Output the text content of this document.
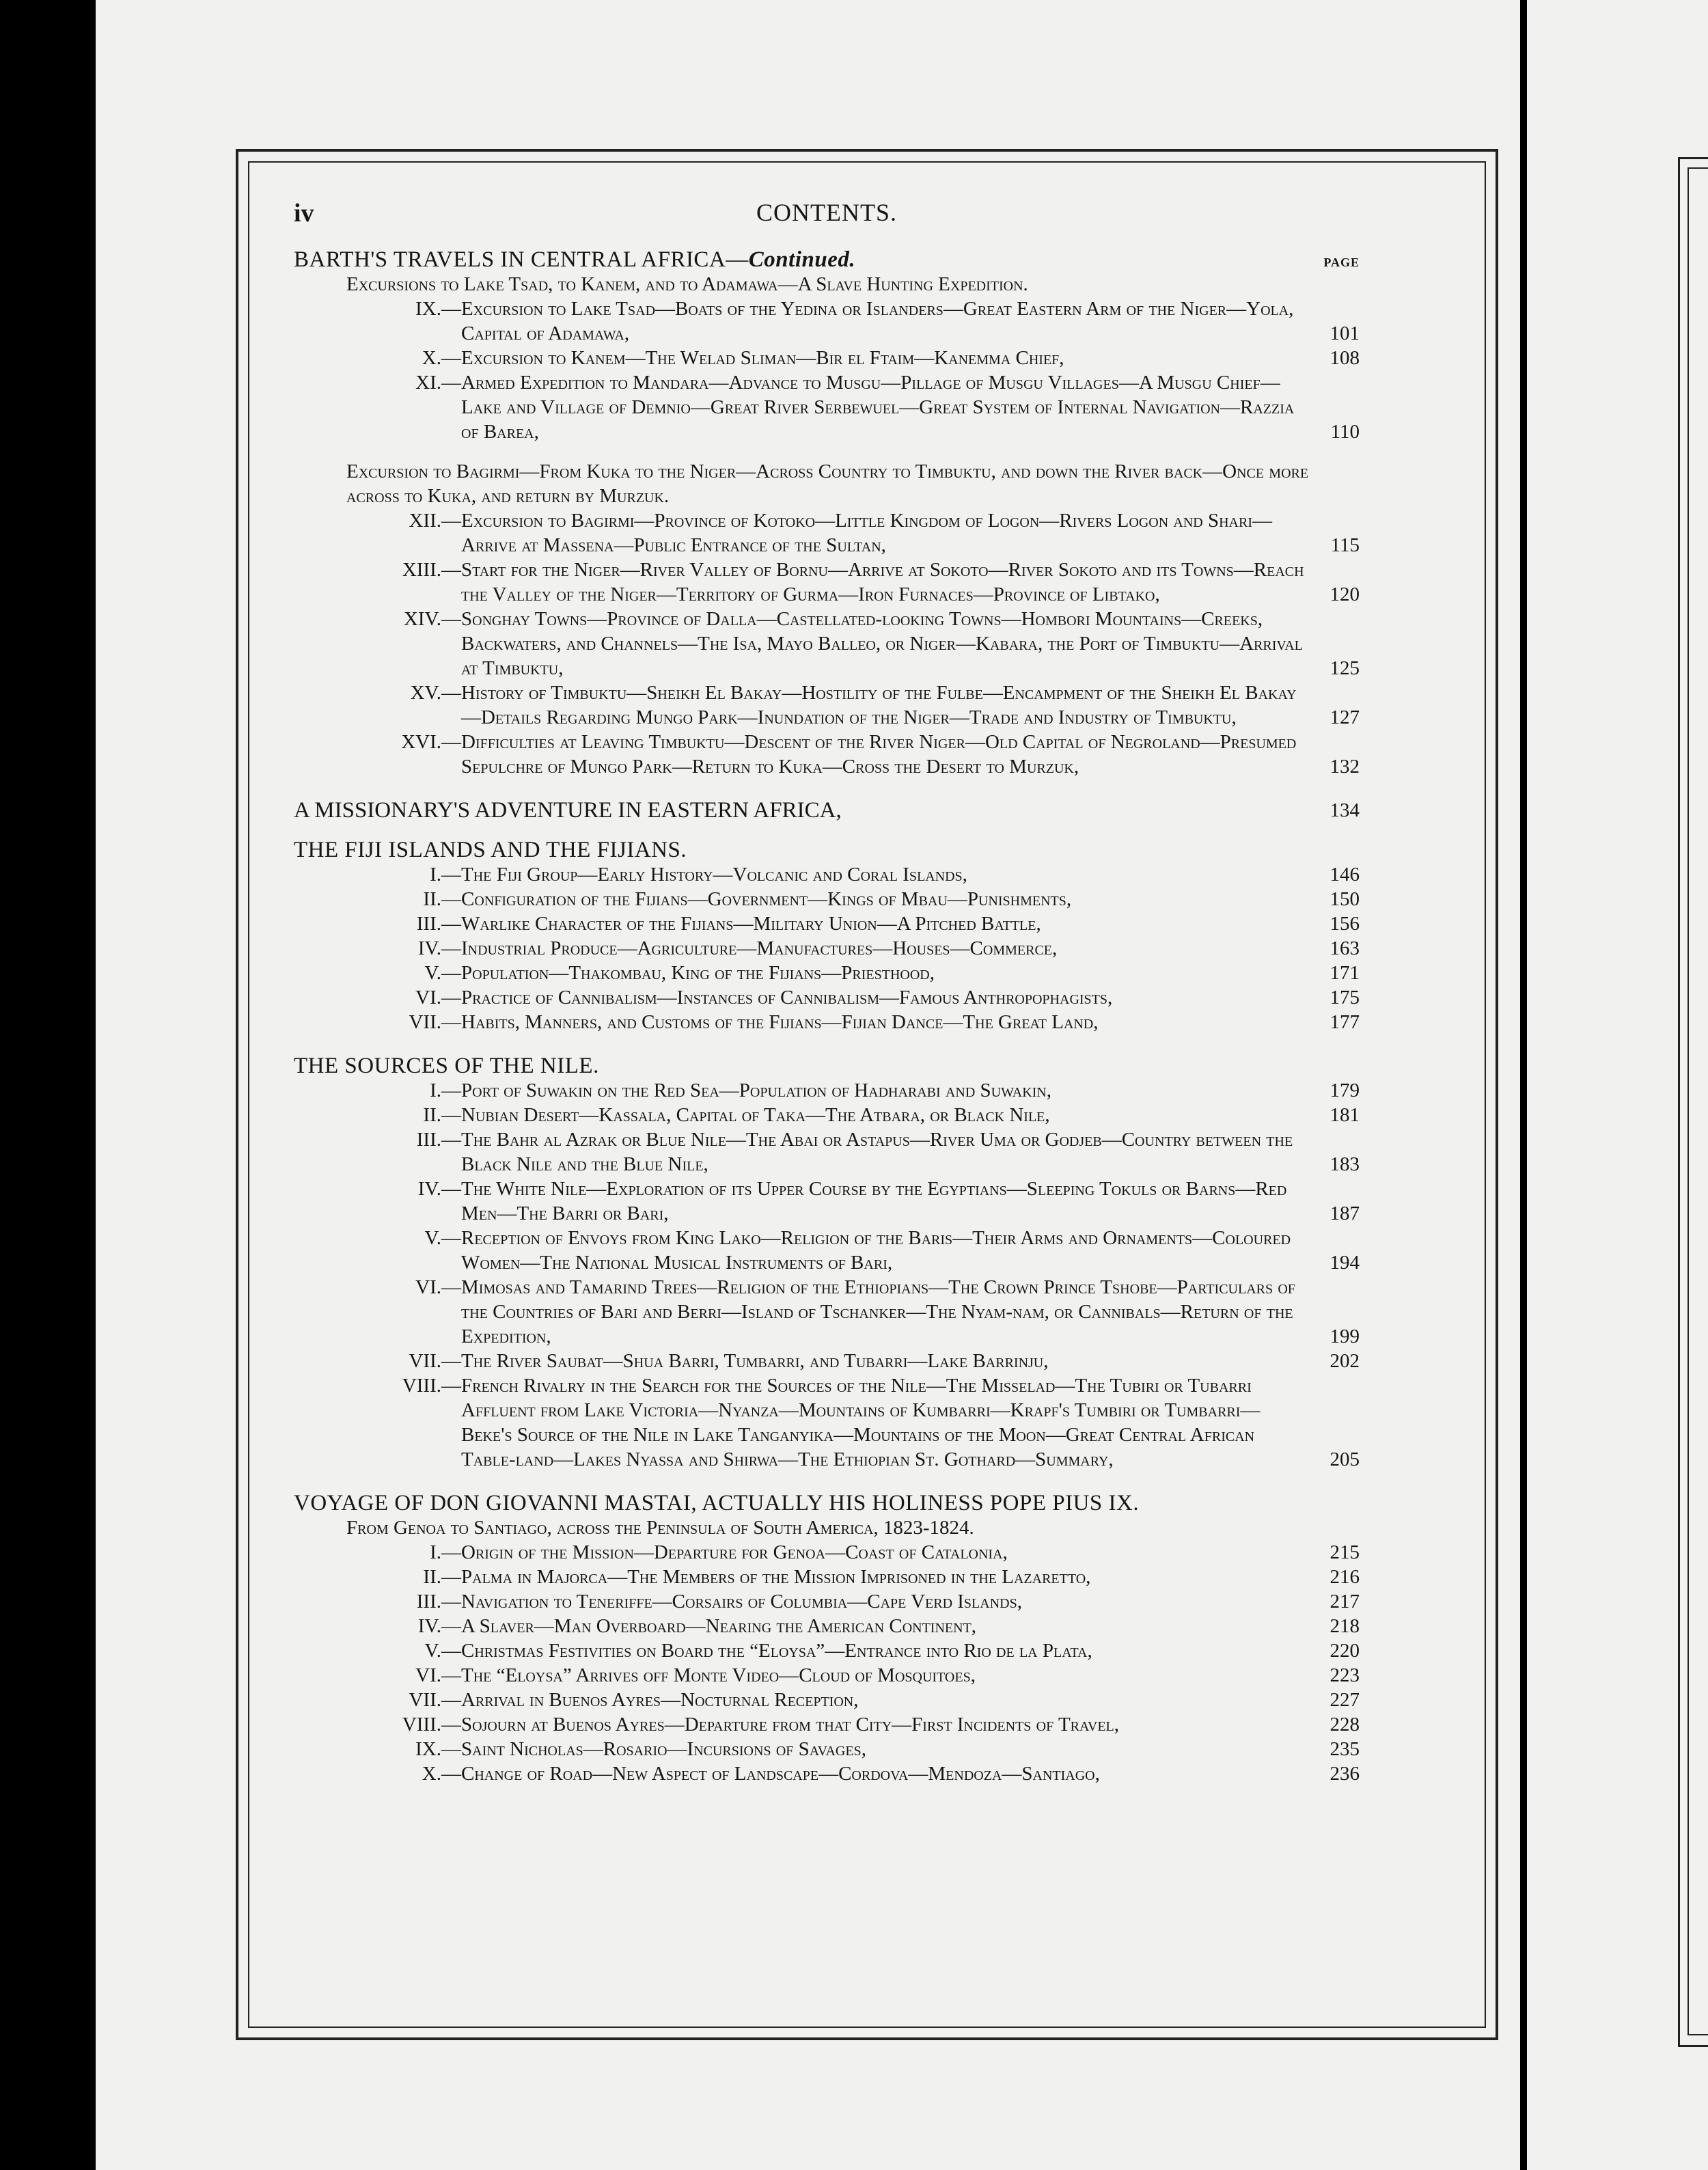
iv	CONTENTS.
BARTH'S TRAVELS IN CENTRAL AFRICA—Continued.	PAGE
Excursions to Lake Tsad, to Kanem, and to Adamawa—A Slave Hunting Expedition.
IX.— Excursion to Lake Tsad—Boats of the Yedina or Islanders—Great Eastern Arm of the Niger—Yola, Capital of Adamawa,	101
X.— Excursion to Kanem—The Welad Sliman—Bir el Ftaim—Kanemma Chief,	108
XI.— Armed Expedition to Mandara—Advance to Musgu—Pillage of Musgu Villages—A Musgu Chief—Lake and Village of Demnio—Great River Serbewuel—Great System of Internal Navigation—Razzia of Barea,	110
Excursion to Bagirmi—From Kuka to the Niger—Across Country to Timbuktu, and down the River back—Once more across to Kuka, and return by Murzuk.
XII.— Excursion to Bagirmi—Province of Kotoko—Little Kingdom of Logon—Rivers Logon and Shari—Arrive at Massena—Public Entrance of the Sultan,	115
XIII.— Start for the Niger—River Valley of Bornu—Arrive at Sokoto—River Sokoto and its Towns—Reach the Valley of the Niger—Territory of Gurma—Iron Furnaces—Province of Libtako,	120
XIV.— Songhay Towns—Province of Dalla—Castellated-looking Towns—Hombori Mountains—Creeks, Backwaters, and Channels—The Isa, Mayo Balleo, or Niger—Kabara, the Port of Timbuktu—Arrival at Timbuktu,	125
XV.— History of Timbuktu—Sheikh El Bakay—Hostility of the Fulbe—Encampment of the Sheikh El Bakay—Details Regarding Mungo Park—Inundation of the Niger—Trade and Industry of Timbuktu,	127
XVI.— Difficulties at Leaving Timbuktu—Descent of the River Niger—Old Capital of Negroland—Presumed Sepulchre of Mungo Park—Return to Kuka—Cross the Desert to Murzuk,	132
A MISSIONARY'S ADVENTURE IN EASTERN AFRICA,	134
THE FIJI ISLANDS AND THE FIJIANS.
I.— The Fiji Group—Early History—Volcanic and Coral Islands,	146
II.— Configuration of the Fijians—Government—Kings of Mbau—Punishments,	150
III.— Warlike Character of the Fijians—Military Union—A Pitched Battle,	156
IV.— Industrial Produce—Agriculture—Manufactures—Houses—Commerce,	163
V.— Population—Thakombau, King of the Fijians—Priesthood,	171
VI.— Practice of Cannibalism—Instances of Cannibalism—Famous Anthropophagists,	175
VII.— Habits, Manners, and Customs of the Fijians—Fijian Dance—The Great Land,	177
THE SOURCES OF THE NILE.
I.— Port of Suwakin on the Red Sea—Population of Hadharabi and Suwakin,	179
II.— Nubian Desert—Kassala, Capital of Taka—The Atbara, or Black Nile,	181
III.— The Bahr al Azrak or Blue Nile—The Abai or Astapus—River Uma or Godjeb—Country between the Black Nile and the Blue Nile,	183
IV.— The White Nile—Exploration of its Upper Course by the Egyptians—Sleeping Tokuls or Barns—Red Men—The Barri or Bari,	187
V.— Reception of Envoys from King Lako—Religion of the Baris—Their Arms and Ornaments—Coloured Women—The National Musical Instruments of Bari,	194
VI.— Mimosas and Tamarind Trees—Religion of the Ethiopians—The Crown Prince Tshobe—Particulars of the Countries of Bari and Berri—Island of Tschanker—The Nyam-nam, or Cannibals—Return of the Expedition,	199
VII.— The River Saubat—Shua Barri, Tumbarri, and Tubarri—Lake Barrinju,	202
VIII.— French Rivalry in the Search for the Sources of the Nile—The Misselad—The Tubiri or Tubarri Affluent from Lake Victoria—Nyanza—Mountains of Kumbarri—Krapf's Tumbiri or Tumbarri—Beke's Source of the Nile in Lake Tanganyika—Mountains of the Moon—Great Central African Table-land—Lakes Nyassa and Shirwa—The Ethiopian St. Gothard—Summary,	205
VOYAGE OF DON GIOVANNI MASTAI, ACTUALLY HIS HOLINESS POPE PIUS IX.
From Genoa to Santiago, across the Peninsula of South America, 1823-1824.
I.— Origin of the Mission—Departure for Genoa—Coast of Catalonia,	215
II.— Palma in Majorca—The Members of the Mission Imprisoned in the Lazaretto,	216
III.— Navigation to Teneriffe—Corsairs of Columbia—Cape Verd Islands,	217
IV.— A Slaver—Man Overboard—Nearing the American Continent,	218
V.— Christmas Festivities on Board the “Eloysa”—Entrance into Rio de la Plata,	220
VI.— The “Eloysa” Arrives off Monte Video—Cloud of Mosquitoes,	223
VII.— Arrival in Buenos Ayres—Nocturnal Reception,	227
VIII.— Sojourn at Buenos Ayres—Departure from that City—First Incidents of Travel,	228
IX.— Saint Nicholas—Rosario—Incursions of Savages,	235
X.— Change of Road—New Aspect of Landscape—Cordova—Mendoza—Santiago,	236
